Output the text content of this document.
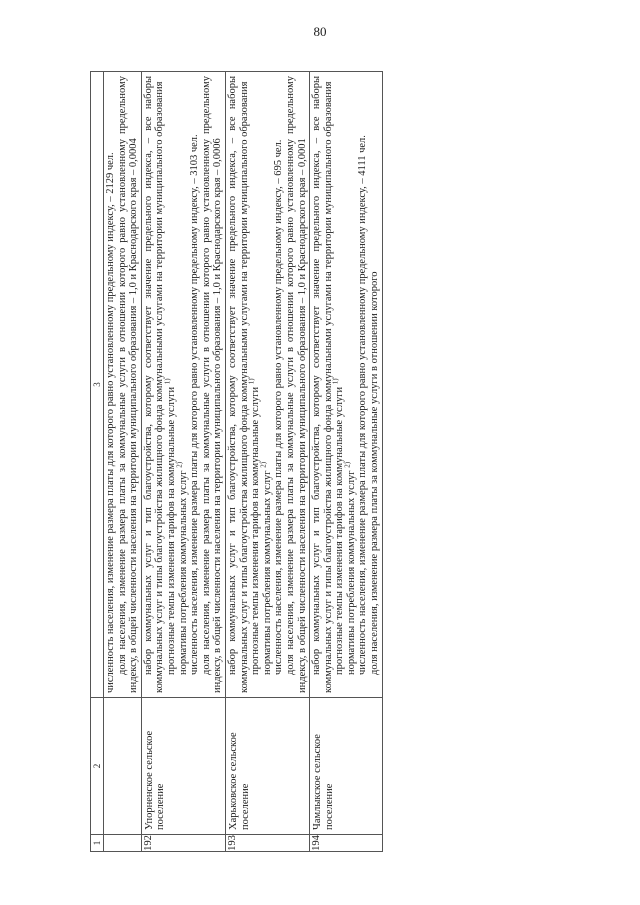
80
1	2	3

		численность населения, изменение размера платы для которого равно установленному предельному индексу, – 2129 чел. доля населения, изменение размера платы за коммунальные услуги в отношении которого равно установленному предельному индексу, в общей численности населения на территории муниципального образования – 1,0 и Краснодарского края – 0,0004

192	Упорненское сельское поселение	набор коммунальных услуг и тип благоустройства, которому соответствует значение предельного индекса, – все наборы коммунальных услуг и типы благоустройства жилищного фонда коммунальными услугами на территории муниципального образования прогнозные темпы изменения тарифов на коммунальные услуги $^{1)}$

нормативы потребления коммунальных услуг $^{2)}$ численность населения, изменение размера платы для которого равно установленному предельному индексу, – 3103 чел. доля населения, изменение размера платы за коммунальные услуги в отношении которого равно установленному предельному индексу, в общей численности населения на территории муниципального образования – 1,0 и Краснодарского края – 0,0006

193	Харьковское сельское поселение	набор коммунальных услуг и тип благоустройства, которому соответствует значение предельного индекса, – все наборы коммунальных услуг и типы благоустройства жилищного фонда коммунальными услугами на территории муниципального образования прогнозные темпы изменения тарифов на коммунальные услуги $^{1)}$

нормативы потребления коммунальных услуг $^{2)}$ численность населения, изменение размера платы для которого равно установленному предельному индексу, – 695 чел. доля населения, изменение размера платы за коммунальные услуги в отношении которого равно установленному предельному индексу, в общей численности населения на территории муниципального образования – 1,0 и Краснодарского края – 0,0001

194	Чамлыкское сельское поселение	набор коммунальных услуг и тип благоустройства, которому соответствует значение предельного индекса, – все наборы коммунальных услуг и типы благоустройства жилищного фонда коммунальными услугами на территории муниципального образования прогнозные темпы изменения тарифов на коммунальные услуги $^{1)}$

нормативы потребления коммунальных услуг $^{2)}$ численность населения, изменение размера платы для которого равно установленному предельному индексу, – 4111 чел. доля населения, изменение размера платы за коммунальные услуги в отношении которого
